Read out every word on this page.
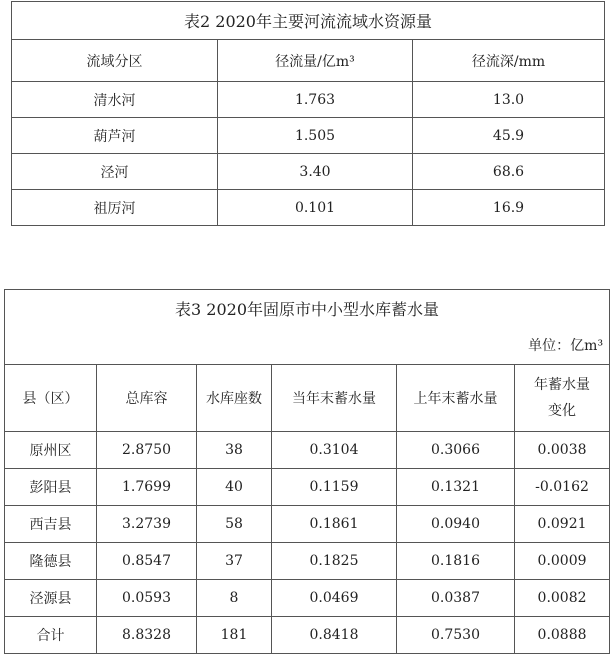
表2 2020年主要河流流域水资源量		
流域分区	径流量/亿m³	径流深/mm
清水河	1.763	13.0
葫芦河	1.505	45.9
泾河	3.40	68.6
祖厉河	0.101	16.9
表3 2020年固原市中小型水库蓄水量					
单位：亿m³					
县（区）	总库容	水库座数	当年末蓄水量	上年末蓄水量	年蓄水量变化
原州区	2.8750	38	0.3104	0.3066	0.0038
彭阳县	1.7699	40	0.1159	0.1321	-0.0162
西吉县	3.2739	58	0.1861	0.0940	0.0921
隆德县	0.8547	37	0.1825	0.1816	0.0009
泾源县	0.0593	8	0.0469	0.0387	0.0082
合计	8.8328	181	0.8418	0.7530	0.0888
